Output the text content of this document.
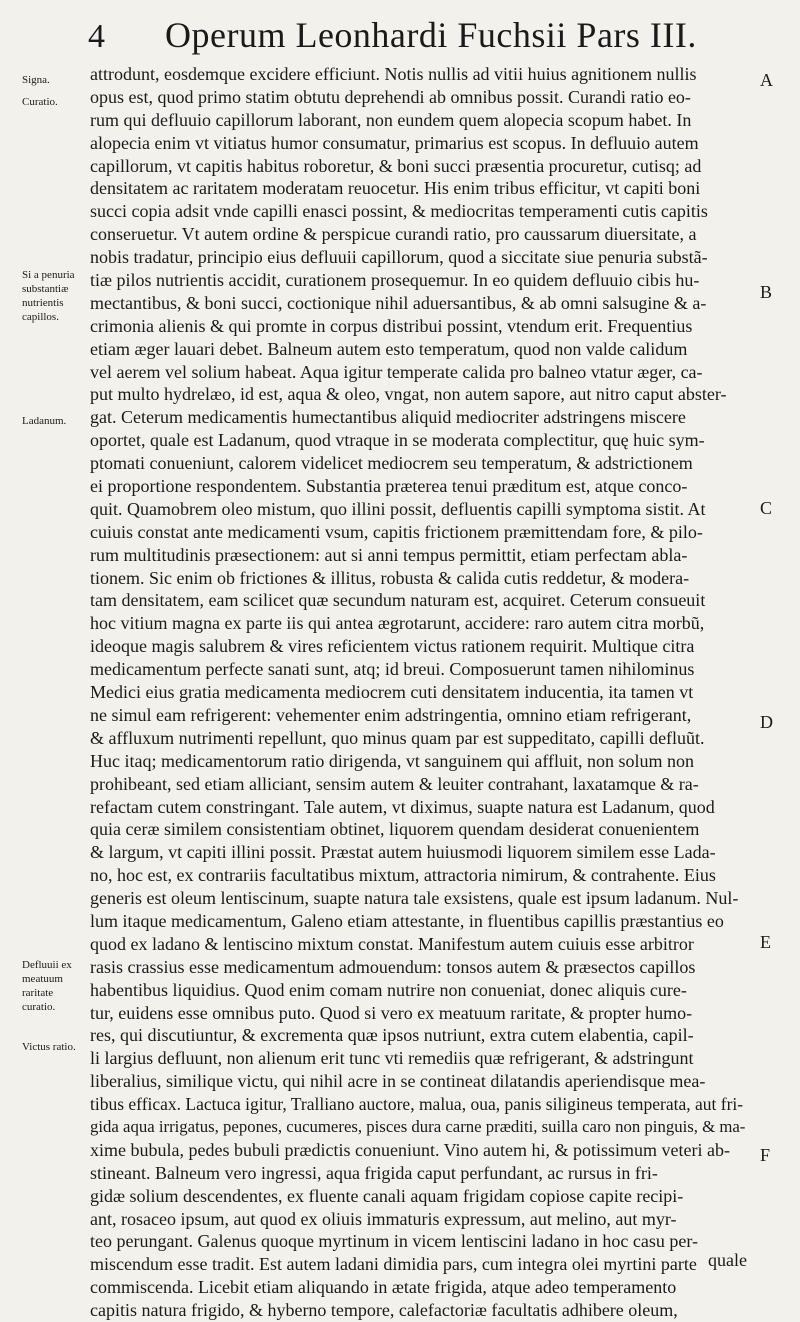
4 Operum Leonhardi Fuchsii Pars III.
Signa.
Curatio.
Si a penuria substantiæ nutrientis capillos.
Ladanum.
Defluuii ex meatuum raritate curatio.
Victus ratio.
A
B
C
D
E
F
attrodunt, eosdemque excidere efficiunt. Notis nullis ad vitii huius agnitionem nullis
opus est, quod primo statim obtutu deprehendi ab omnibus possit. Curandi ratio eo-
rum qui defluuio capillorum laborant, non eundem quem alopecia scopum habet. In
alopecia enim vt vitiatus humor consumatur, primarius est scopus. In defluuio autem
capillorum, vt capitis habitus roboretur, & boni succi præsentia procuretur, cutisq; ad
densitatem ac raritatem moderatam reuocetur. His enim tribus efficitur, vt capiti boni
succi copia adsit vnde capilli enasci possint, & mediocritas temperamenti cutis capitis
conseruetur. Vt autem ordine & perspicue curandi ratio, pro caussarum diuersitate, a
nobis tradatur, principio eius defluuii capillorum, quod a siccitate siue penuria substã-
tiæ pilos nutrientis accidit, curationem prosequemur. In eo quidem defluuio cibis hu-
mectantibus, & boni succi, coctionique nihil aduersantibus, & ab omni salsugine & a-
crimonia alienis & qui promte in corpus distribui possint, vtendum erit. Frequentius
etiam æger lauari debet. Balneum autem esto temperatum, quod non valde calidum
vel aerem vel solium habeat. Aqua igitur temperate calida pro balneo vtatur æger, ca-
put multo hydrelæo, id est, aqua & oleo, vngat, non autem sapore, aut nitro caput abster-
gat. Ceterum medicamentis humectantibus aliquid mediocriter adstringens miscere
oportet, quale est Ladanum, quod vtraque in se moderata complectitur, quę huic sym-
ptomati conueniunt, calorem videlicet mediocrem seu temperatum, & adstrictionem
ei proportione respondentem. Substantia præterea tenui præditum est, atque conco-
quit. Quamobrem oleo mistum, quo illini possit, defluentis capilli symptoma sistit. At
cuiuis constat ante medicamenti vsum, capitis frictionem præmittendam fore, & pilo-
rum multitudinis præsectionem: aut si anni tempus permittit, etiam perfectam abla-
tionem. Sic enim ob frictiones & illitus, robusta & calida cutis reddetur, & modera-
tam densitatem, eam scilicet quæ secundum naturam est, acquiret. Ceterum consueuit
hoc vitium magna ex parte iis qui antea ægrotarunt, accidere: raro autem citra morbũ,
ideoque magis salubrem & vires reficientem victus rationem requirit. Multique citra
medicamentum perfecte sanati sunt, atq; id breui. Composuerunt tamen nihilominus
Medici eius gratia medicamenta mediocrem cuti densitatem inducentia, ita tamen vt
ne simul eam refrigerent: vehementer enim adstringentia, omnino etiam refrigerant,
& affluxum nutrimenti repellunt, quo minus quam par est suppeditato, capilli defluũt.
Huc itaq; medicamentorum ratio dirigenda, vt sanguinem qui affluit, non solum non
prohibeant, sed etiam alliciant, sensim autem & leuiter contrahant, laxatamque & ra-
refactam cutem constringant. Tale autem, vt diximus, suapte natura est Ladanum, quod
quia ceræ similem consistentiam obtinet, liquorem quendam desiderat conuenientem
& largum, vt capiti illini possit. Præstat autem huiusmodi liquorem similem esse Lada-
no, hoc est, ex contrariis facultatibus mixtum, attractoria nimirum, & contrahente. Eius
generis est oleum lentiscinum, suapte natura tale exsistens, quale est ipsum ladanum. Nul-
lum itaque medicamentum, Galeno etiam attestante, in fluentibus capillis præstantius eo
quod ex ladano & lentiscino mixtum constat. Manifestum autem cuiuis esse arbitror
rasis crassius esse medicamentum admouendum: tonsos autem & præsectos capillos
habentibus liquidius. Quod enim comam nutrire non conueniat, donec aliquis cure-
tur, euidens esse omnibus puto. Quod si vero ex meatuum raritate, & propter humo-
res, qui discutiuntur, & excrementa quæ ipsos nutriunt, extra cutem elabentia, capil-
li largius defluunt, non alienum erit tunc vti remediis quæ refrigerant, & adstringunt
liberalius, similique victu, qui nihil acre in se contineat dilatandis aperiendisque mea-
tibus efficax. Lactuca igitur, Tralliano auctore, malua, oua, panis siligineus temperata, aut fri-
gida aqua irrigatus, pepones, cucumeres, pisces dura carne præditi, suilla caro non pinguis, & ma-
xime bubula, pedes bubuli prædictis conueniunt. Vino autem hi, & potissimum veteri ab-
stineant. Balneum vero ingressi, aqua frigida caput perfundant, ac rursus in fri-
gidæ solium descendentes, ex fluente canali aquam frigidam copiose capite recipi-
ant, rosaceo ipsum, aut quod ex oliuis immaturis expressum, aut melino, aut myr-
teo perungant. Galenus quoque myrtinum in vicem lentiscini ladano in hoc casu per-
miscendum esse tradit. Est autem ladani dimidia pars, cum integra olei myrtini parte
commiscenda. Licebit etiam aliquando in ætate frigida, atque adeo temperamento
capitis natura frigido, & hyberno tempore, calefactoriæ facultatis adhibere oleum,
quale
